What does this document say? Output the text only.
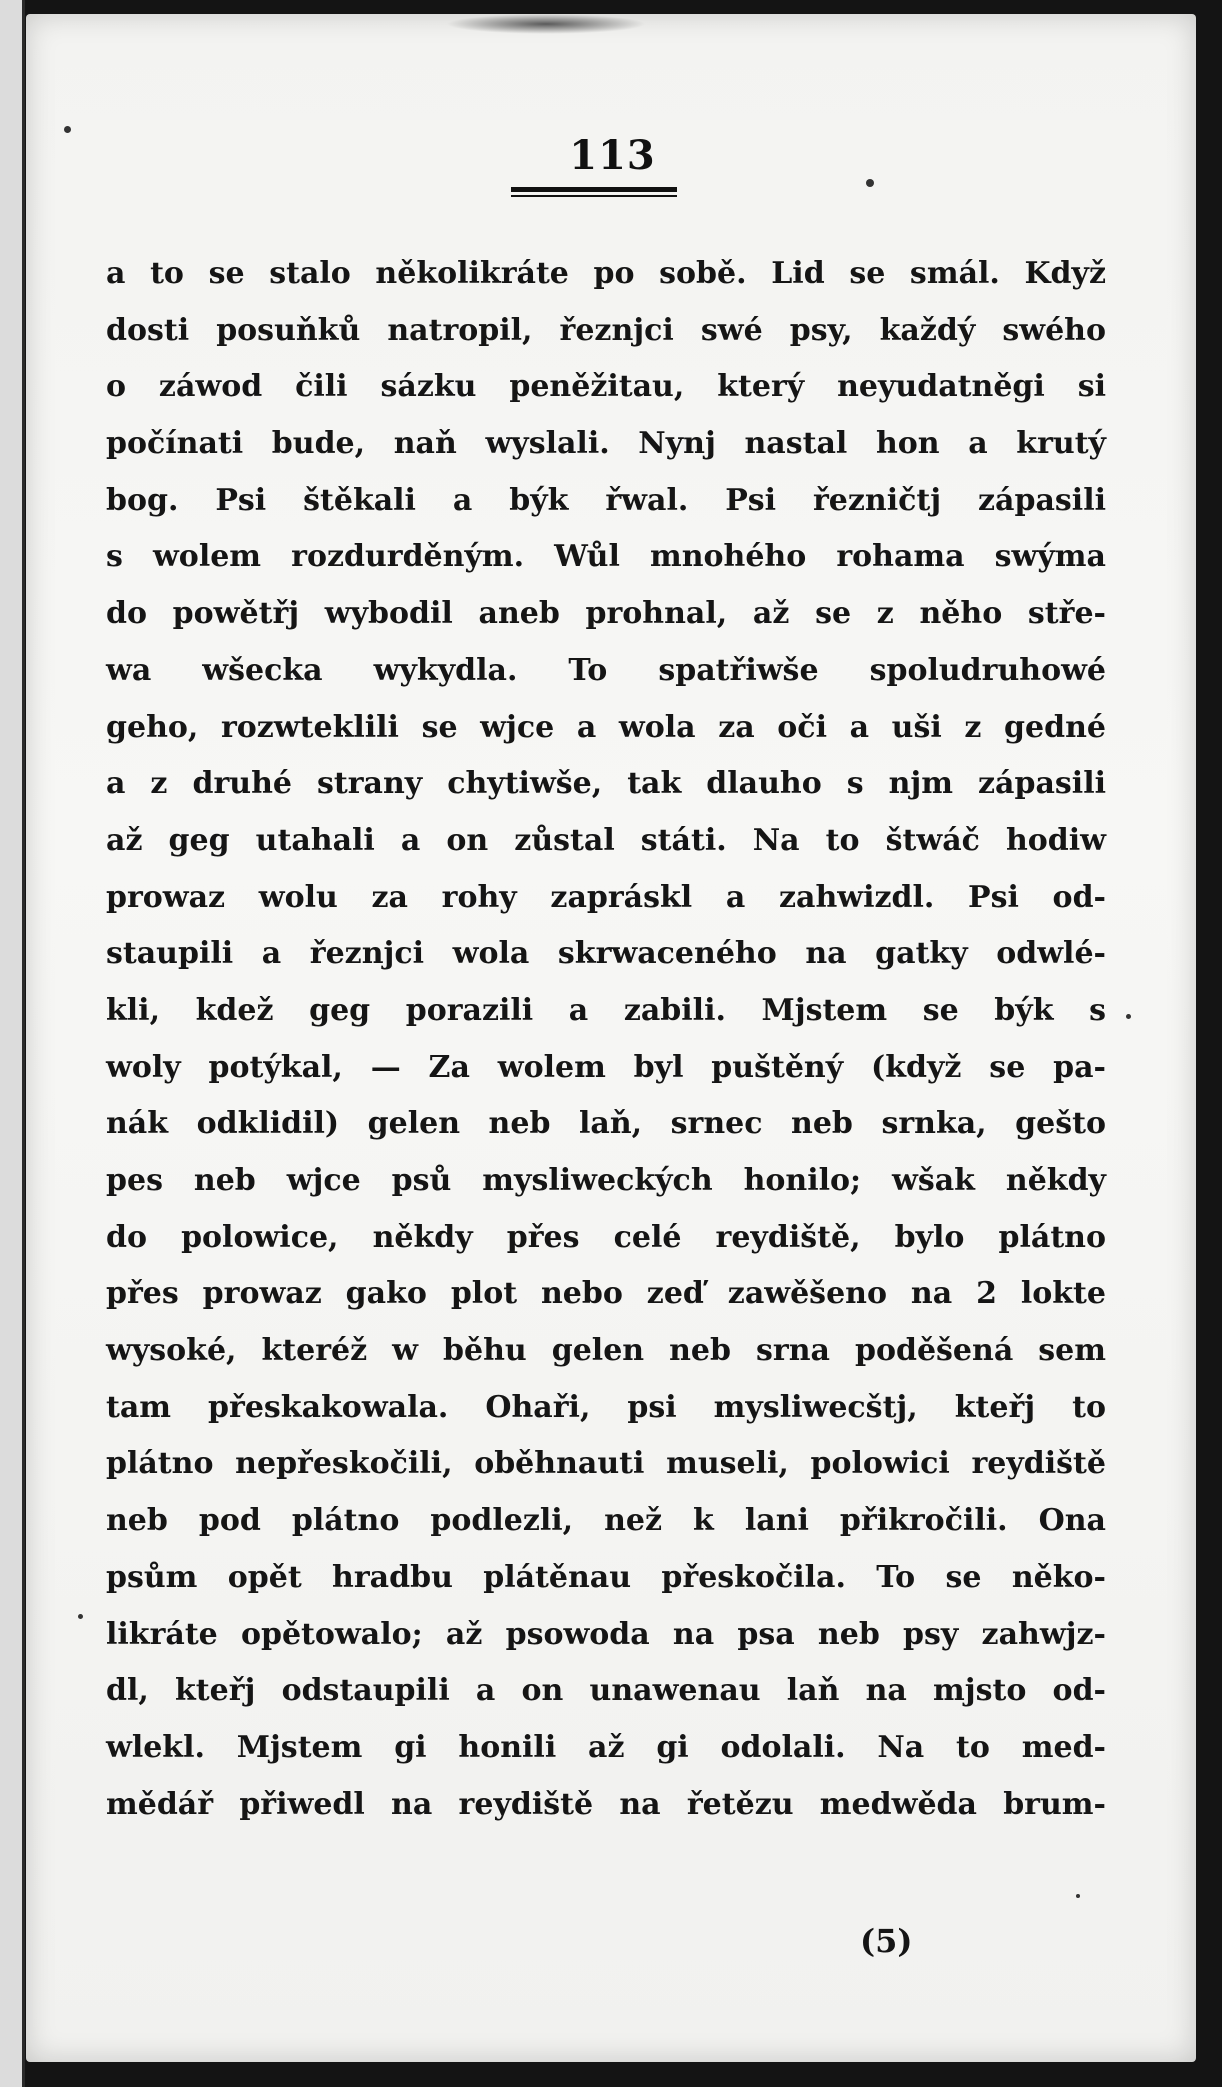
113
a to se stalo několikráte po sobě. Lid se smál. Když
dosti posuňků natropil, řeznjci swé psy, každý swého
o záwod čili sázku peněžitau, který neyudatněgi si
počínati bude, naň wyslali. Nynj nastal hon a krutý
bog. Psi štěkali a býk řwal. Psi řezničtj zápasili
s wolem rozdurděným. Wůl mnohého rohama swýma
do powětřj wybodil aneb prohnal, až se z něho stře-
wa wšecka wykydla. To spatřiwše spoludruhowé
geho, rozwteklili se wjce a wola za oči a uši z gedné
a z druhé strany chytiwše, tak dlauho s njm zápasili
až geg utahali a on zůstal státi. Na to štwáč hodiw
prowaz wolu za rohy zapráskl a zahwizdl. Psi od-
staupili a řeznjci wola skrwaceného na gatky odwlé-
kli, kdež geg porazili a zabili. Mjstem se býk s
woly potýkal, — Za wolem byl puštěný (když se pa-
nák odklidil) gelen neb laň, srnec neb srnka, gešto
pes neb wjce psů mysliweckých honilo; wšak někdy
do polowice, někdy přes celé reydiště, bylo plátno
přes prowaz gako plot nebo zeď zawěšeno na 2 lokte
wysoké, kteréž w běhu gelen neb srna poděšená sem
tam přeskakowala. Ohaři, psi mysliwecštj, kteřj to
plátno nepřeskočili, oběhnauti museli, polowici reydiště
neb pod plátno podlezli, než k lani přikročili. Ona
psům opět hradbu plátěnau přeskočila. To se něko-
likráte opětowalo; až psowoda na psa neb psy zahwjz-
dl, kteřj odstaupili a on unawenau laň na mjsto od-
wlekl. Mjstem gi honili až gi odolali. Na to med-
mědář přiwedl na reydiště na řetězu medwěda brum-
(5)
